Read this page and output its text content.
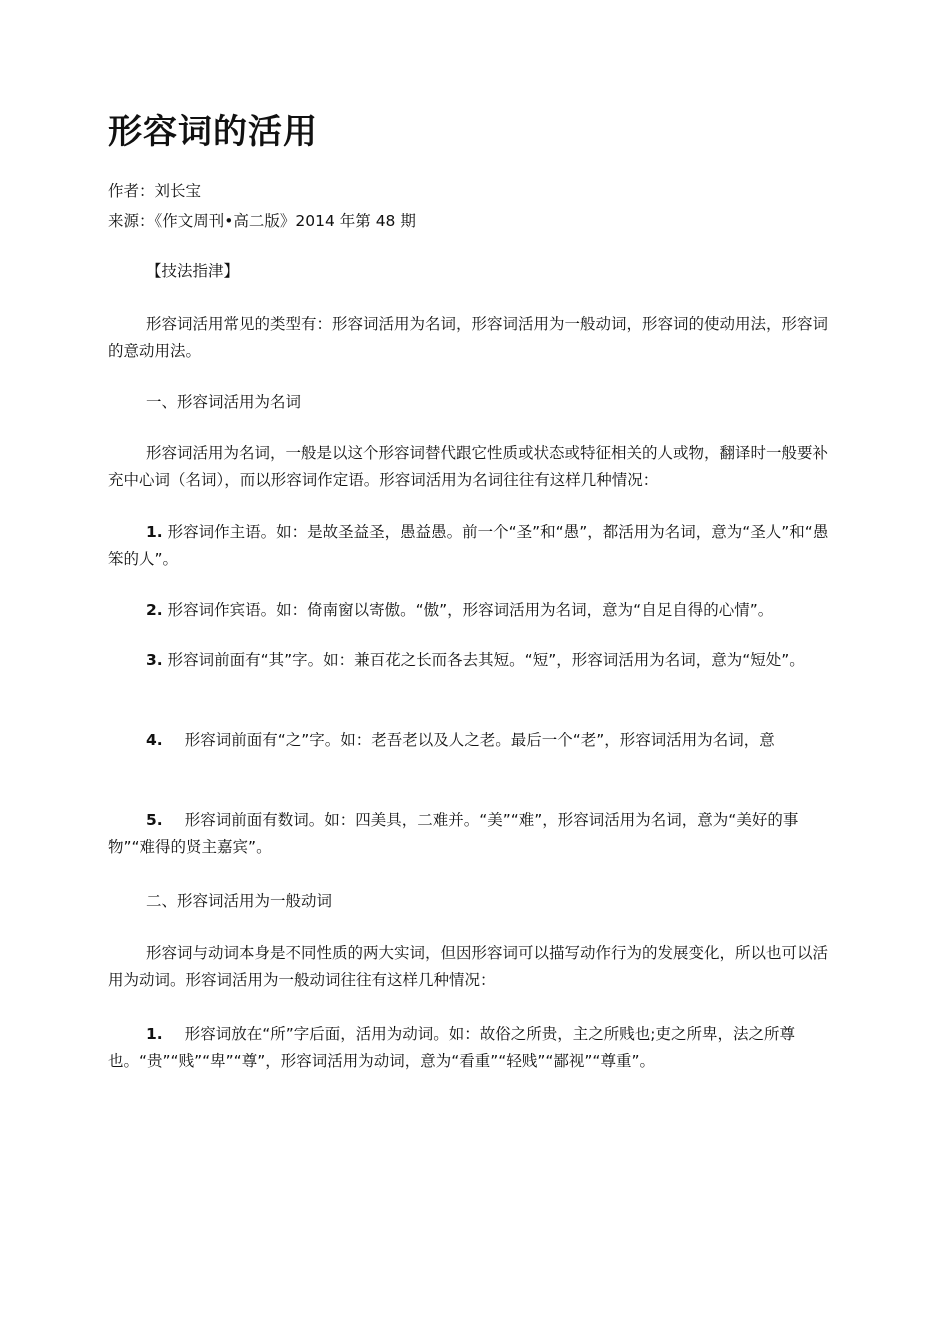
形容词的活用
作者：刘长宝
来源：《作文周刊•高二版》2014 年第 48 期

【技法指津】

形容词活用常见的类型有：形容词活用为名词，形容词活用为一般动词，形容词的使动用法，形容词的意动用法。

一、形容词活用为名词

形容词活用为名词，一般是以这个形容词替代跟它性质或状态或特征相关的人或物，翻译时一般要补充中心词（名词），而以形容词作定语。形容词活用为名词往往有这样几种情况：

1. 形容词作主语。如：是故圣益圣，愚益愚。前一个“圣”和“愚”，都活用为名词，意为“圣人”和“愚笨的人”。

2. 形容词作宾语。如：倚南窗以寄傲。“傲”，形容词活用为名词，意为“自足自得的心情”。

3. 形容词前面有“其”字。如：兼百花之长而各去其短。“短”，形容词活用为名词，意为“短处”。

4. 形容词前面有“之”字。如：老吾老以及人之老。最后一个“老”，形容词活用为名词，意

5. 形容词前面有数词。如：四美具，二难并。“美”“难”，形容词活用为名词，意为“美好的事物”“难得的贤主嘉宾”。

二、形容词活用为一般动词

形容词与动词本身是不同性质的两大实词，但因形容词可以描写动作行为的发展变化，所以也可以活用为动词。形容词活用为一般动词往往有这样几种情况：

1. 形容词放在“所”字后面，活用为动词。如：故俗之所贵，主之所贱也;吏之所卑，法之所尊也。“贵”“贱”“卑”“尊”，形容词活用为动词，意为“看重”“轻贱”“鄙视”“尊重”。
